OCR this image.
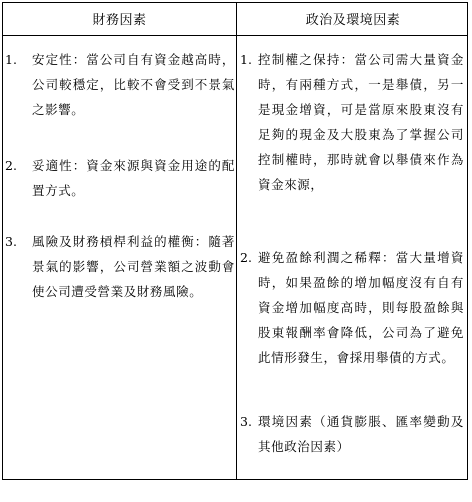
財務因素	政治及環境因素
1. 安定性：當公司自有資金越高時，公司較穩定，比較不會受到不景氣之影響。
2. 妥適性：資金來源與資金用途的配置方式。
3. 風險及財務槓桿利益的權衡：隨著景氣的影響，公司營業額之波動會使公司遭受營業及財務風險。
1. 控制權之保持：當公司需大量資金時，有兩種方式，一是舉債，另一是現金增資，可是當原來股東沒有足夠的現金及大股東為了掌握公司控制權時，那時就會以舉債來作為資金來源，
2. 避免盈餘利潤之稀釋：當大量增資時，如果盈餘的增加幅度沒有自有資金增加幅度高時，則每股盈餘與股東報酬率會降低，公司為了避免此情形發生，會採用舉債的方式。
3. 環境因素（通貨膨脹、匯率變動及其他政治因素）
